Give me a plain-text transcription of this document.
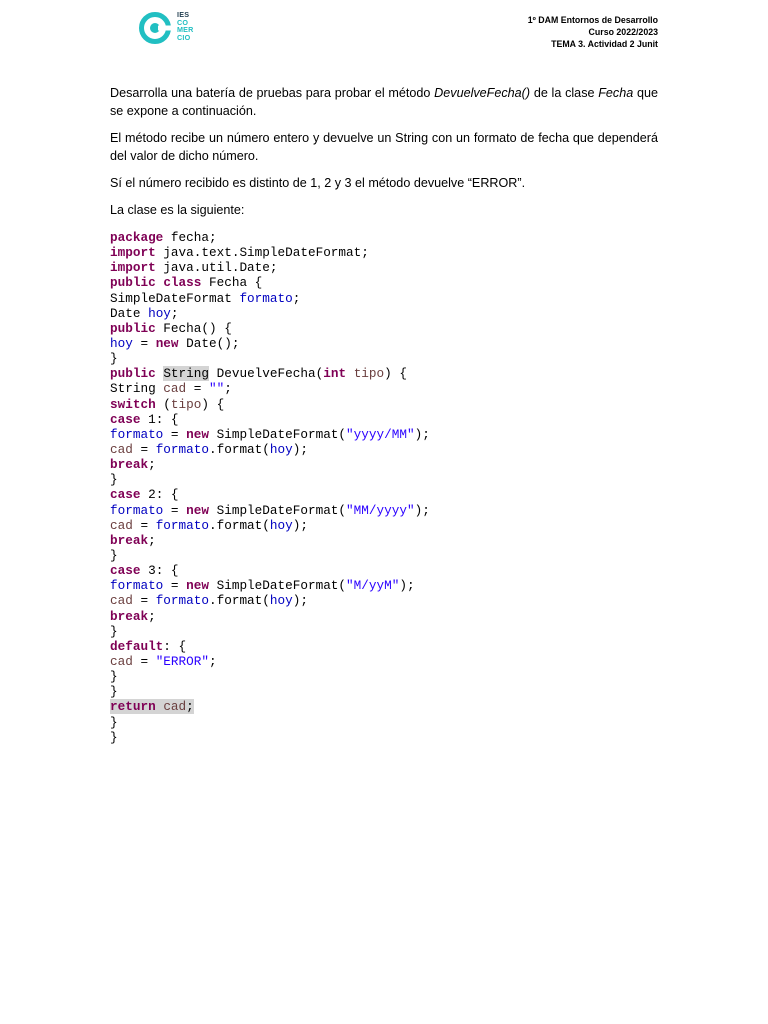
IES
CO
MER
CIO
1º DAM Entornos de Desarrollo
Curso 2022/2023
TEMA 3. Actividad 2 Junit

Desarrolla una batería de pruebas para probar el método DevuelveFecha() de la clase Fecha que se expone a continuación.

El método recibe un número entero y devuelve un String con un formato de fecha que dependerá del valor de dicho número.

Sí el número recibido es distinto de 1, 2 y 3 el método devuelve “ERROR”.

La clase es la siguiente:

package fecha;
import java.text.SimpleDateFormat;
import java.util.Date;
public class Fecha {
SimpleDateFormat formato;
Date hoy;
public Fecha() {
hoy = new Date();
}
public String DevuelveFecha(int tipo) {
String cad = "";
switch (tipo) {
case 1: {
formato = new SimpleDateFormat("yyyy/MM");
cad = formato.format(hoy);
break;
}
case 2: {
formato = new SimpleDateFormat("MM/yyyy");
cad = formato.format(hoy);
break;
}
case 3: {
formato = new SimpleDateFormat("M/yyM");
cad = formato.format(hoy);
break;
}
default: {
cad = "ERROR";
}
}
return cad;
}
}
